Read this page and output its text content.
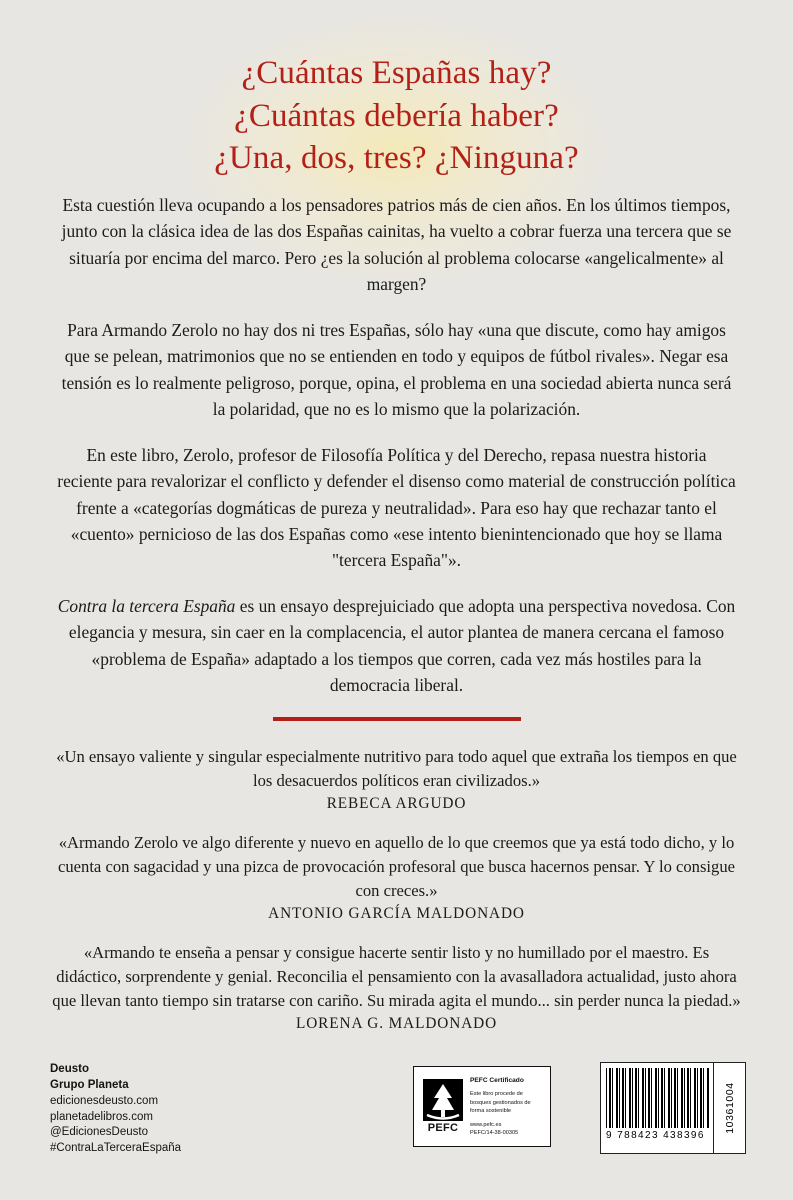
¿Cuántas Españas hay?
¿Cuántas debería haber?
¿Una, dos, tres? ¿Ninguna?

Esta cuestión lleva ocupando a los pensadores patrios más de cien años. En los últimos tiempos, junto con la clásica idea de las dos Españas cainitas, ha vuelto a cobrar fuerza una tercera que se situaría por encima del marco. Pero ¿es la solución al problema colocarse «angelicalmente» al margen?

Para Armando Zerolo no hay dos ni tres Españas, sólo hay «una que discute, como hay amigos que se pelean, matrimonios que no se entienden en todo y equipos de fútbol rivales». Negar esa tensión es lo realmente peligroso, porque, opina, el problema en una sociedad abierta nunca será la polaridad, que no es lo mismo que la polarización.

En este libro, Zerolo, profesor de Filosofía Política y del Derecho, repasa nuestra historia reciente para revalorizar el conflicto y defender el disenso como material de construcción política frente a «categorías dogmáticas de pureza y neutralidad». Para eso hay que rechazar tanto el «cuento» pernicioso de las dos Españas como «ese intento bienintencionado que hoy se llama "tercera España"».

Contra la tercera España es un ensayo desprejuiciado que adopta una perspectiva novedosa. Con elegancia y mesura, sin caer en la complacencia, el autor plantea de manera cercana el famoso «problema de España» adaptado a los tiempos que corren, cada vez más hostiles para la democracia liberal.

«Un ensayo valiente y singular especialmente nutritivo para todo aquel que extraña los tiempos en que los desacuerdos políticos eran civilizados.»
REBECA ARGUDO
«Armando Zerolo ve algo diferente y nuevo en aquello de lo que creemos que ya está todo dicho, y lo cuenta con sagacidad y una pizca de provocación profesoral que busca hacernos pensar. Y lo consigue con creces.»
ANTONIO GARCÍA MALDONADO
«Armando te enseña a pensar y consigue hacerte sentir listo y no humillado por el maestro. Es didáctico, sorprendente y genial. Reconcilia el pensamiento con la avasalladora actualidad, justo ahora que llevan tanto tiempo sin tratarse con cariño. Su mirada agita el mundo... sin perder nunca la piedad.»
LORENA G. MALDONADO
Deusto
Grupo Planeta
edicionesdeusto.com
planetadelibros.com
@EdicionesDeusto
#ContraLaTerceraEspaña
PEFC
PEFC Certificado
Este libro procede de bosques gestionados de forma sostenible
www.pefc.es
PEFC/14-38-00305	9 788423 438396
10361004
